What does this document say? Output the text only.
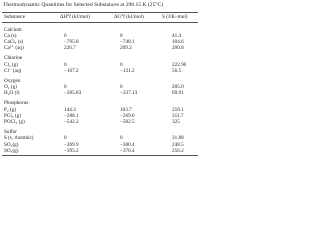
Thermodynamic Quantities for Selected Substances at 298.15 K (25°C)
Substance	ΔH°f (kJ/mol)	ΔG°f (kJ/mol)	S (J/K–mol)
Calcium			
Ca (s)	0	0	41.4
CaCl₂ (s)	−795.8	−748.1	104.6
Ca²⁺ (aq)	226.7	209.2	200.8
Chlorine			
Cl₂ (g)	0	0	222.96
Cl⁻ (aq)	−167.2	−131.2	56.5
Oxygen			
O₂ (g)	0	0	205.0
H₂O (l)	−285.83	−237.13	69.91
Phosphorus			
P₂ (g)	144.3	103.7	218.1
PCl₃ (g)	−288.1	−269.6	311.7
POCl₃ (g)	−542.2	−502.5	325
Sulfur			
S (s, rhombic)	0	0	31.88
SO₂(g)	−269.9	−300.4	248.5
SO₃(g)	−395.2	−370.4	256.2
